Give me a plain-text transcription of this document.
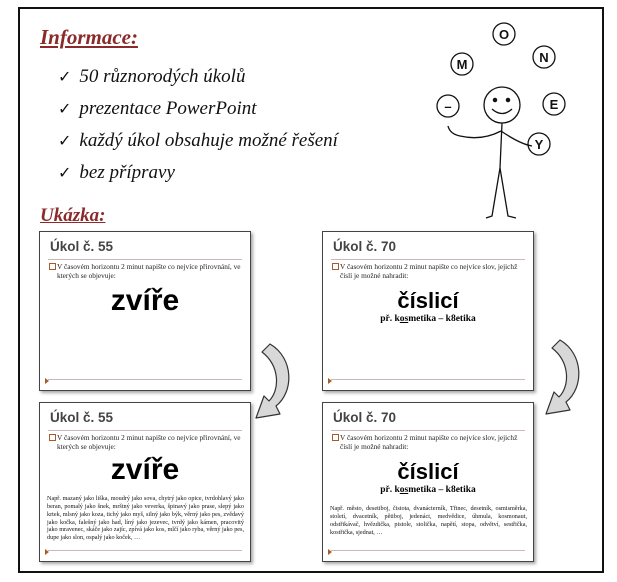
Informace:
✓ 50 různorodých úkolů
✓ prezentace PowerPoint
✓ každý úkol obsahuje možné řešení
✓ bez přípravy
Ukázka:
M
O
N
E
Y
–
Úkol č. 55
V časovém horizontu 2 minut napište co nejvíce přirovnání, ve kterých se objevuje:
zvíře
Úkol č. 70
V časovém horizontu 2 minut napište co nejvíce slov, jejichž číslí je možné nahradit:
číslicí
př. kosmetika – k8etika
Úkol č. 55
V časovém horizontu 2 minut napište co nejvíce přirovnání, ve kterých se objevuje:
zvíře
Např. mazaný jako liška, moudrý jako sova, chytrý jako opice, tvrdohlavý jako beran, pomalý jako šnek, mrštný jako veverka, špinavý jako prase, slepý jako krtek, mlsný jako koza, tichý jako myš, silný jako býk, věrný jako pes, zvědavý jako kočka, falešný jako had, líný jako jezevec, tvrdý jako kámen, pracovitý jako mravenec, skáče jako zajíc, zpívá jako kos, mlčí jako ryba, věrný jako pes, dupe jako slon, ospalý jako koček, …
Úkol č. 70
V časovém horizontu 2 minut napište co nejvíce slov, jejichž číslí je možné nahradit:
číslicí
př. kosmetika – k8etika
Např. město, desetiboj, čistota, dvanácterník, Třinec, desetník, osmisměrka, století, dvacetník, pětiboj, jedenáct, medvědice, úhmula, kosmonaut, odstřikávač, hvězdička, pistole, stolička, napětí, stopa, odvětví, sestřička, kostřička, sjednat, …
